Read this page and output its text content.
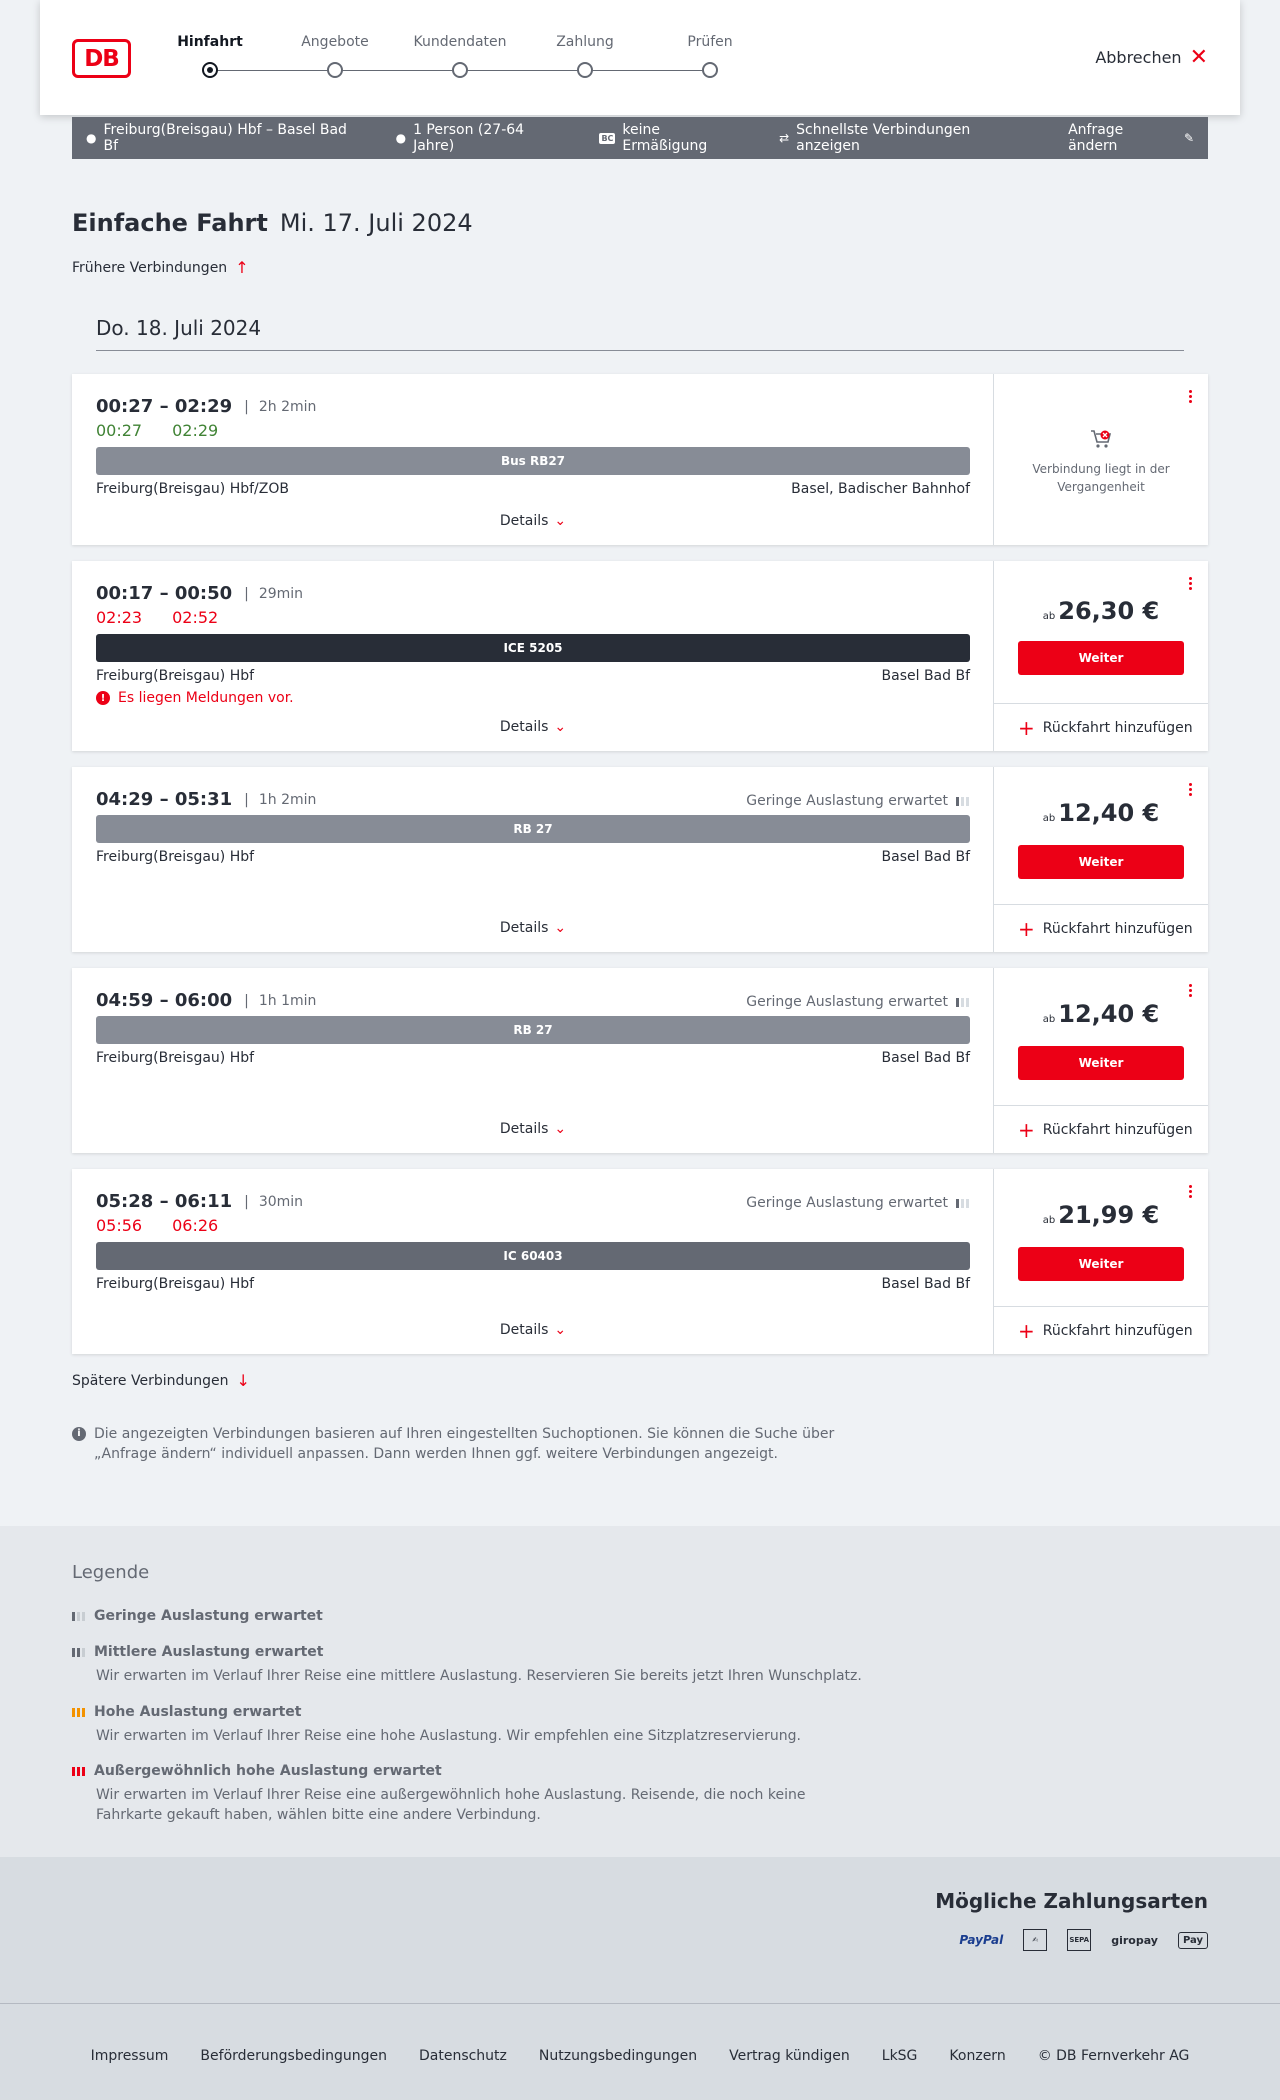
DB
Hinfahrt	Angebote	Kundendaten	Zahlung	Prüfen
Abbrechen ✕
● Freiburg(Breisgau) Hbf – Basel Bad Bf	● 1 Person (27-64 Jahre)	BC keine Ermäßigung	⇄ Schnellste Verbindungen anzeigen
Anfrage ändern	✎
Einfache Fahrt Mi. 17. Juli 2024
Frühere Verbindungen ↑
Do. 18. Juli 2024
00:27 – 02:29 | 2h 2min
00:27 02:29
Bus RB27
Freiburg(Breisgau) Hbf/ZOB	Basel, Badischer Bahnhof
Details ⌄
Verbindung liegt in der Vergangenheit
00:17 – 00:50 | 29min
02:23 02:52
ICE 5205
Freiburg(Breisgau) Hbf	Basel Bad Bf
! Es liegen Meldungen vor.
Details ⌄
ab 26,30 €
Weiter
+ Rückfahrt hinzufügen
04:29 – 05:31 | 1h 2min	Geringe Auslastung erwartet
RB 27
Freiburg(Breisgau) Hbf	Basel Bad Bf
Details ⌄
ab 12,40 €
Weiter
+ Rückfahrt hinzufügen
04:59 – 06:00 | 1h 1min	Geringe Auslastung erwartet
RB 27
Freiburg(Breisgau) Hbf	Basel Bad Bf
Details ⌄
ab 12,40 €
Weiter
+ Rückfahrt hinzufügen
05:28 – 06:11 | 30min	Geringe Auslastung erwartet
05:56 06:26
IC 60403
Freiburg(Breisgau) Hbf	Basel Bad Bf
Details ⌄
ab 21,99 €
Weiter
+ Rückfahrt hinzufügen
Spätere Verbindungen ↓
i Die angezeigten Verbindungen basieren auf Ihren eingestellten Suchoptionen. Sie können die Suche über „Anfrage ändern“ individuell anpassen. Dann werden Ihnen ggf. weitere Verbindungen angezeigt.
Legende
Geringe Auslastung erwartet
Mittlere Auslastung erwartet
Wir erwarten im Verlauf Ihrer Reise eine mittlere Auslastung. Reservieren Sie bereits jetzt Ihren Wunschplatz.
Hohe Auslastung erwartet
Wir erwarten im Verlauf Ihrer Reise eine hohe Auslastung. Wir empfehlen eine Sitzplatzreservierung.
Außergewöhnlich hohe Auslastung erwartet
Wir erwarten im Verlauf Ihrer Reise eine außergewöhnlich hohe Auslastung. Reisende, die noch keine Fahrkarte gekauft haben, wählen bitte eine andere Verbindung.
Mögliche Zahlungsarten
PayPal	✍	SEPA giropay	Pay
Impressum Beförderungsbedingungen Datenschutz Nutzungsbedingungen Vertrag kündigen LkSG Konzern © DB Fernverkehr AG
